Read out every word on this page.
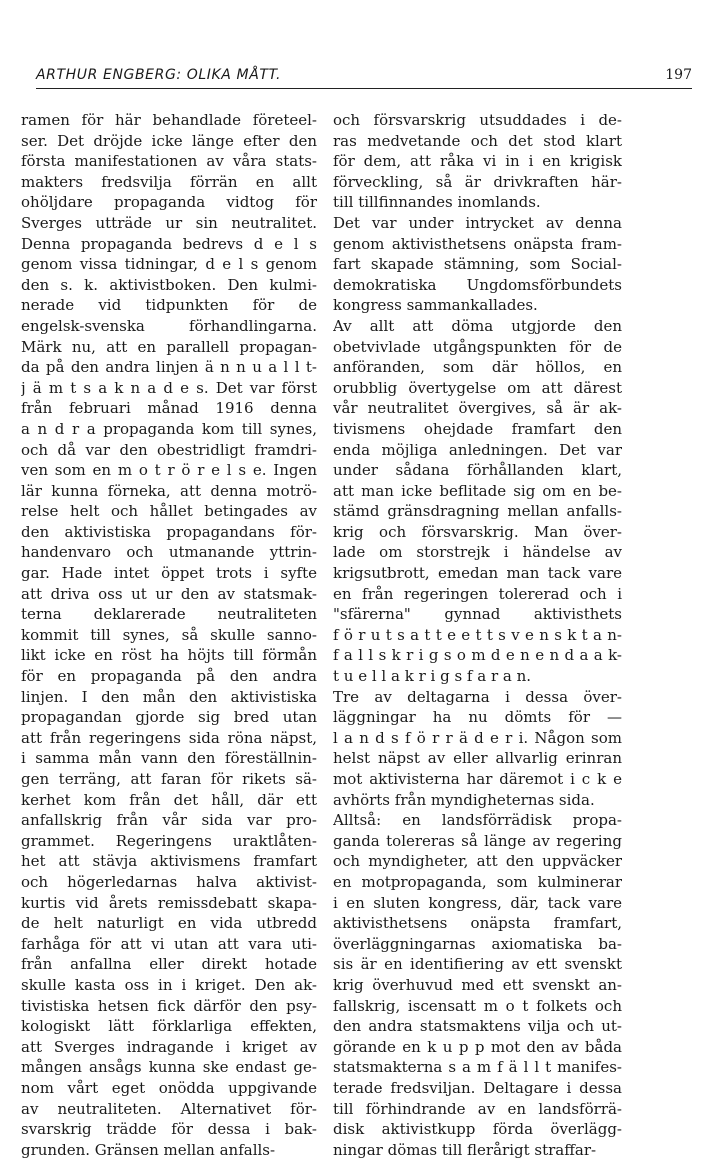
ARTHUR ENGBERG: OLIKA MÅTT.	197
ramen för här behandlade företeel-
ser. Det dröjde icke länge efter den
första manifestationen av våra stats-
makters fredsvilja förrän en allt
ohöljdare propaganda vidtog för
Sverges utträde ur sin neutralitet.
Denna propaganda bedrevs d e l s
genom vissa tidningar, d e l s genom
den s. k. aktivistboken. Den kulmi-
nerade vid tidpunkten för de
engelsk-svenska förhandlingarna.
Märk nu, att en parallell propagan-
da på den andra linjen ä n n u a l l t-
j ä m t s a k n a d e s. Det var först
från februari månad 1916 denna
a n d r a propaganda kom till synes,
och då var den obestridligt framdri-
ven som en m o t r ö r e l s e. Ingen
lär kunna förneka, att denna motrö-
relse helt och hållet betingades av
den aktivistiska propagandans för-
handenvaro och utmanande yttrin-
gar. Hade intet öppet trots i syfte
att driva oss ut ur den av statsmak-
terna deklarerade neutraliteten
kommit till synes, så skulle sanno-
likt icke en röst ha höjts till förmån
för en propaganda på den andra
linjen. I den mån den aktivistiska
propagandan gjorde sig bred utan
att från regeringens sida röna näpst,
i samma mån vann den föreställnin-
gen terräng, att faran för rikets sä-
kerhet kom från det håll, där ett
anfallskrig från vår sida var pro-
grammet. Regeringens uraktlåten-
het att stävja aktivismens framfart
och högerledarnas halva aktivist-
kurtis vid årets remissdebatt skapa-
de helt naturligt en vida utbredd
farhåga för att vi utan att vara uti-
från anfallna eller direkt hotade
skulle kasta oss in i kriget. Den ak-
tivistiska hetsen fick därför den psy-
kologiskt lätt förklarliga effekten,
att Sverges indragande i kriget av
mången ansågs kunna ske endast ge-
nom vårt eget onödda uppgivande
av neutraliteten. Alternativet för-
svarskrig trädde för dessa i bak-
grunden. Gränsen mellan anfalls-
och försvarskrig utsuddades i de-
ras medvetande och det stod klart
för dem, att råka vi in i en krigisk
förveckling, så är drivkraften här-
till tillfinnandes inomlands.
Det var under intrycket av denna
genom aktivisthetsens onäpsta fram-
fart skapade stämning, som Social-
demokratiska Ungdomsförbundets
kongress sammankallades.
Av allt att döma utgjorde den
obetvivlade utgångspunkten för de
anföranden, som där höllos, en
orubblig övertygelse om att därest
vår neutralitet övergives, så är ak-
tivismens ohejdade framfart den
enda möjliga anledningen. Det var
under sådana förhållanden klart,
att man icke beflitade sig om en be-
stämd gränsdragning mellan anfalls-
krig och försvarskrig. Man över-
lade om storstrejk i händelse av
krigsutbrott, emedan man tack vare
en från regeringen tolererad och i
"sfärerna" gynnad aktivisthets
f ö r u t s a t t e e t t s v e n s k t a n-
f a l l s k r i g s o m d e n e n d a a k-
t u e l l a k r i g s f a r a n.
Tre av deltagarna i dessa över-
läggningar ha nu dömts för —
l a n d s f ö r r ä d e r i. Någon som
helst näpst av eller allvarlig erinran
mot aktivisterna har däremot i c k e
avhörts från myndigheternas sida.
Alltså: en landsförrädisk propa-
ganda tolereras så länge av regering
och myndigheter, att den uppväcker
en motpropaganda, som kulminerar
i en sluten kongress, där, tack vare
aktivisthetsens onäpsta framfart,
överläggningarnas axiomatiska ba-
sis är en identifiering av ett svenskt
krig överhuvud med ett svenskt an-
fallskrig, iscensatt m o t folkets och
den andra statsmaktens vilja och ut-
görande en k u p p mot den av båda
statsmakterna s a m f ä l l t manifes-
terade fredsviljan. Deltagare i dessa
till förhindrande av en landsförrä-
disk aktivistkupp förda överlägg-
ningar dömas till flerårigt straffar-
